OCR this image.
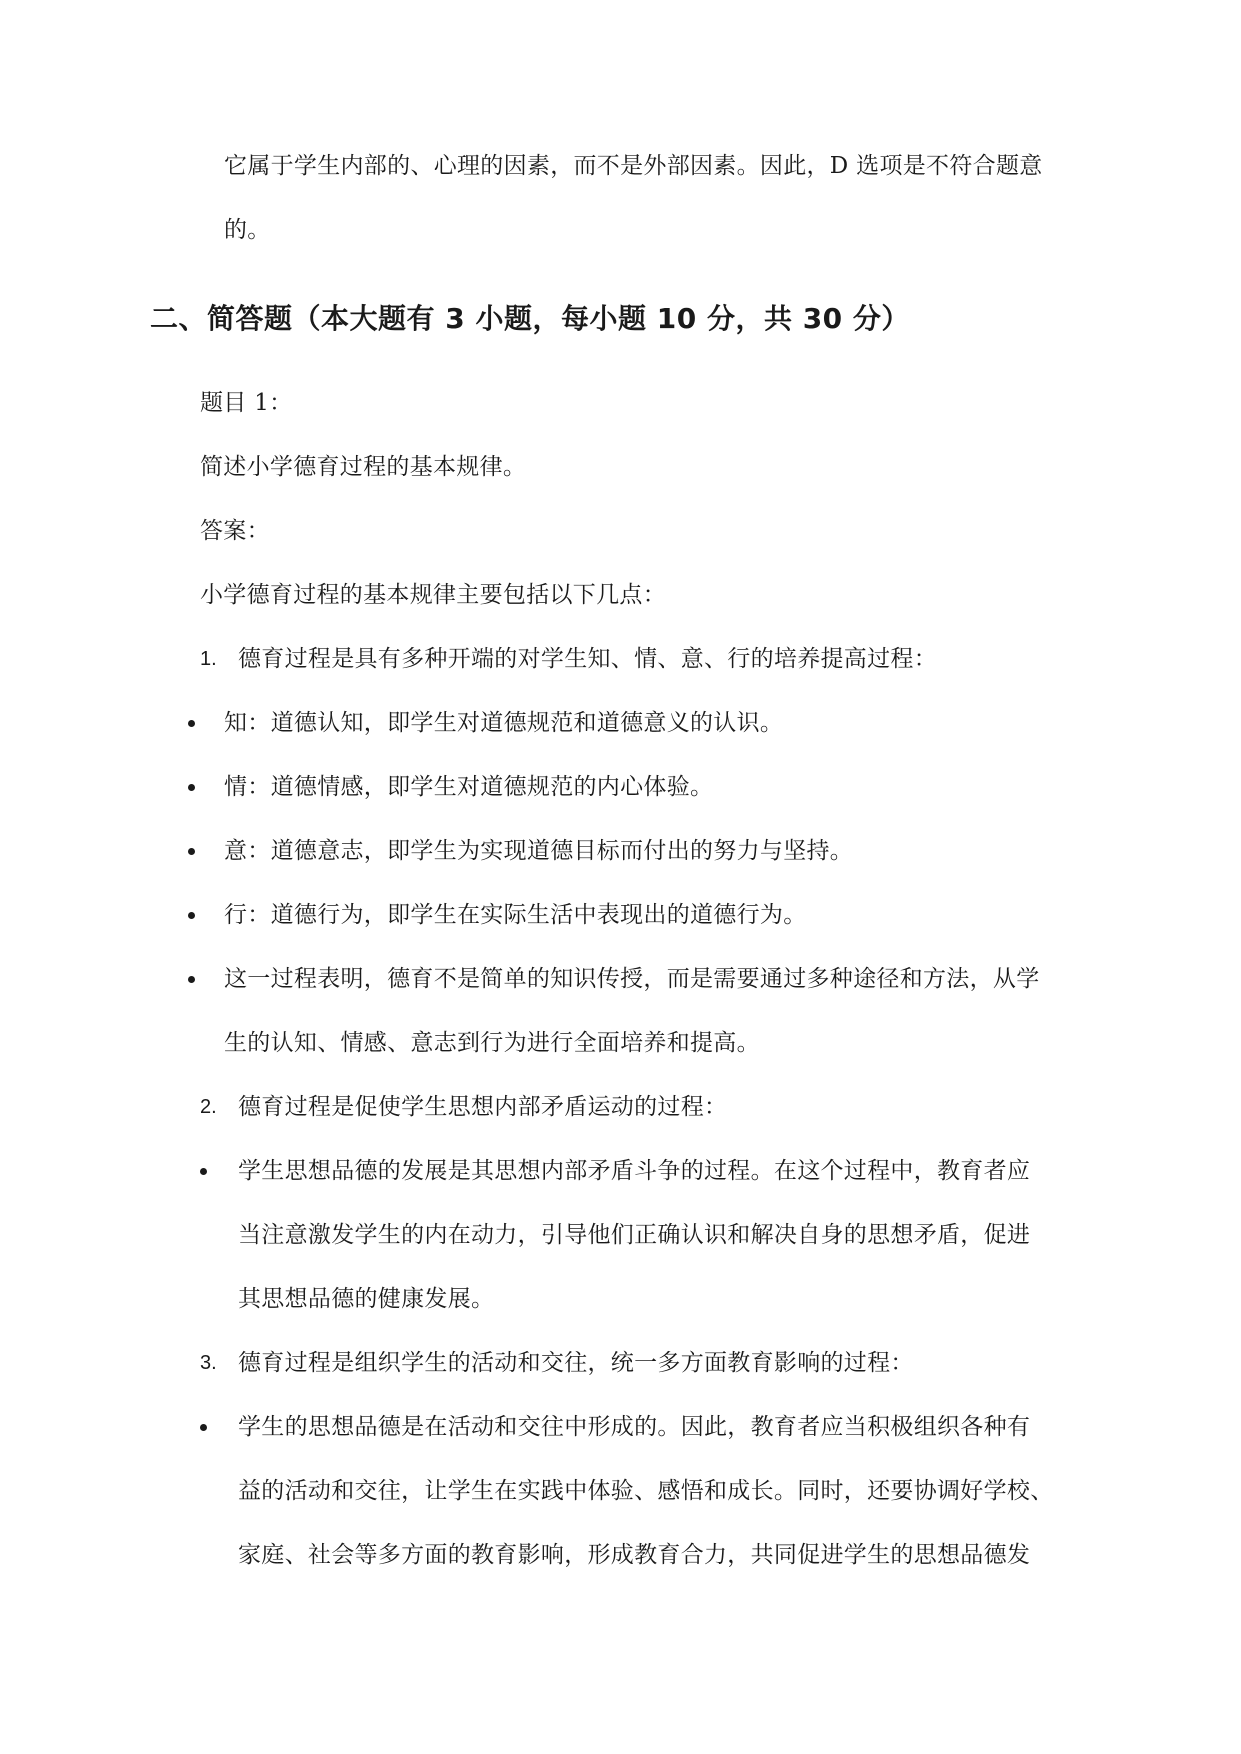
它属于学生内部的、心理的因素，而不是外部因素。因此，D 选项是不符合题意

的。

二、简答题（本大题有 3 小题，每小题 10 分，共 30 分）

题目 1：

简述小学德育过程的基本规律。

答案：

小学德育过程的基本规律主要包括以下几点：

1. 德育过程是具有多种开端的对学生知、情、意、行的培养提高过程：

知：道德认知，即学生对道德规范和道德意义的认识。

情：道德情感，即学生对道德规范的内心体验。

意：道德意志，即学生为实现道德目标而付出的努力与坚持。

行：道德行为，即学生在实际生活中表现出的道德行为。

这一过程表明，德育不是简单的知识传授，而是需要通过多种途径和方法，从学

生的认知、情感、意志到行为进行全面培养和提高。

2. 德育过程是促使学生思想内部矛盾运动的过程：

学生思想品德的发展是其思想内部矛盾斗争的过程。在这个过程中，教育者应

当注意激发学生的内在动力，引导他们正确认识和解决自身的思想矛盾，促进

其思想品德的健康发展。

3. 德育过程是组织学生的活动和交往，统一多方面教育影响的过程：

学生的思想品德是在活动和交往中形成的。因此，教育者应当积极组织各种有

益的活动和交往，让学生在实践中体验、感悟和成长。同时，还要协调好学校、

家庭、社会等多方面的教育影响，形成教育合力，共同促进学生的思想品德发
